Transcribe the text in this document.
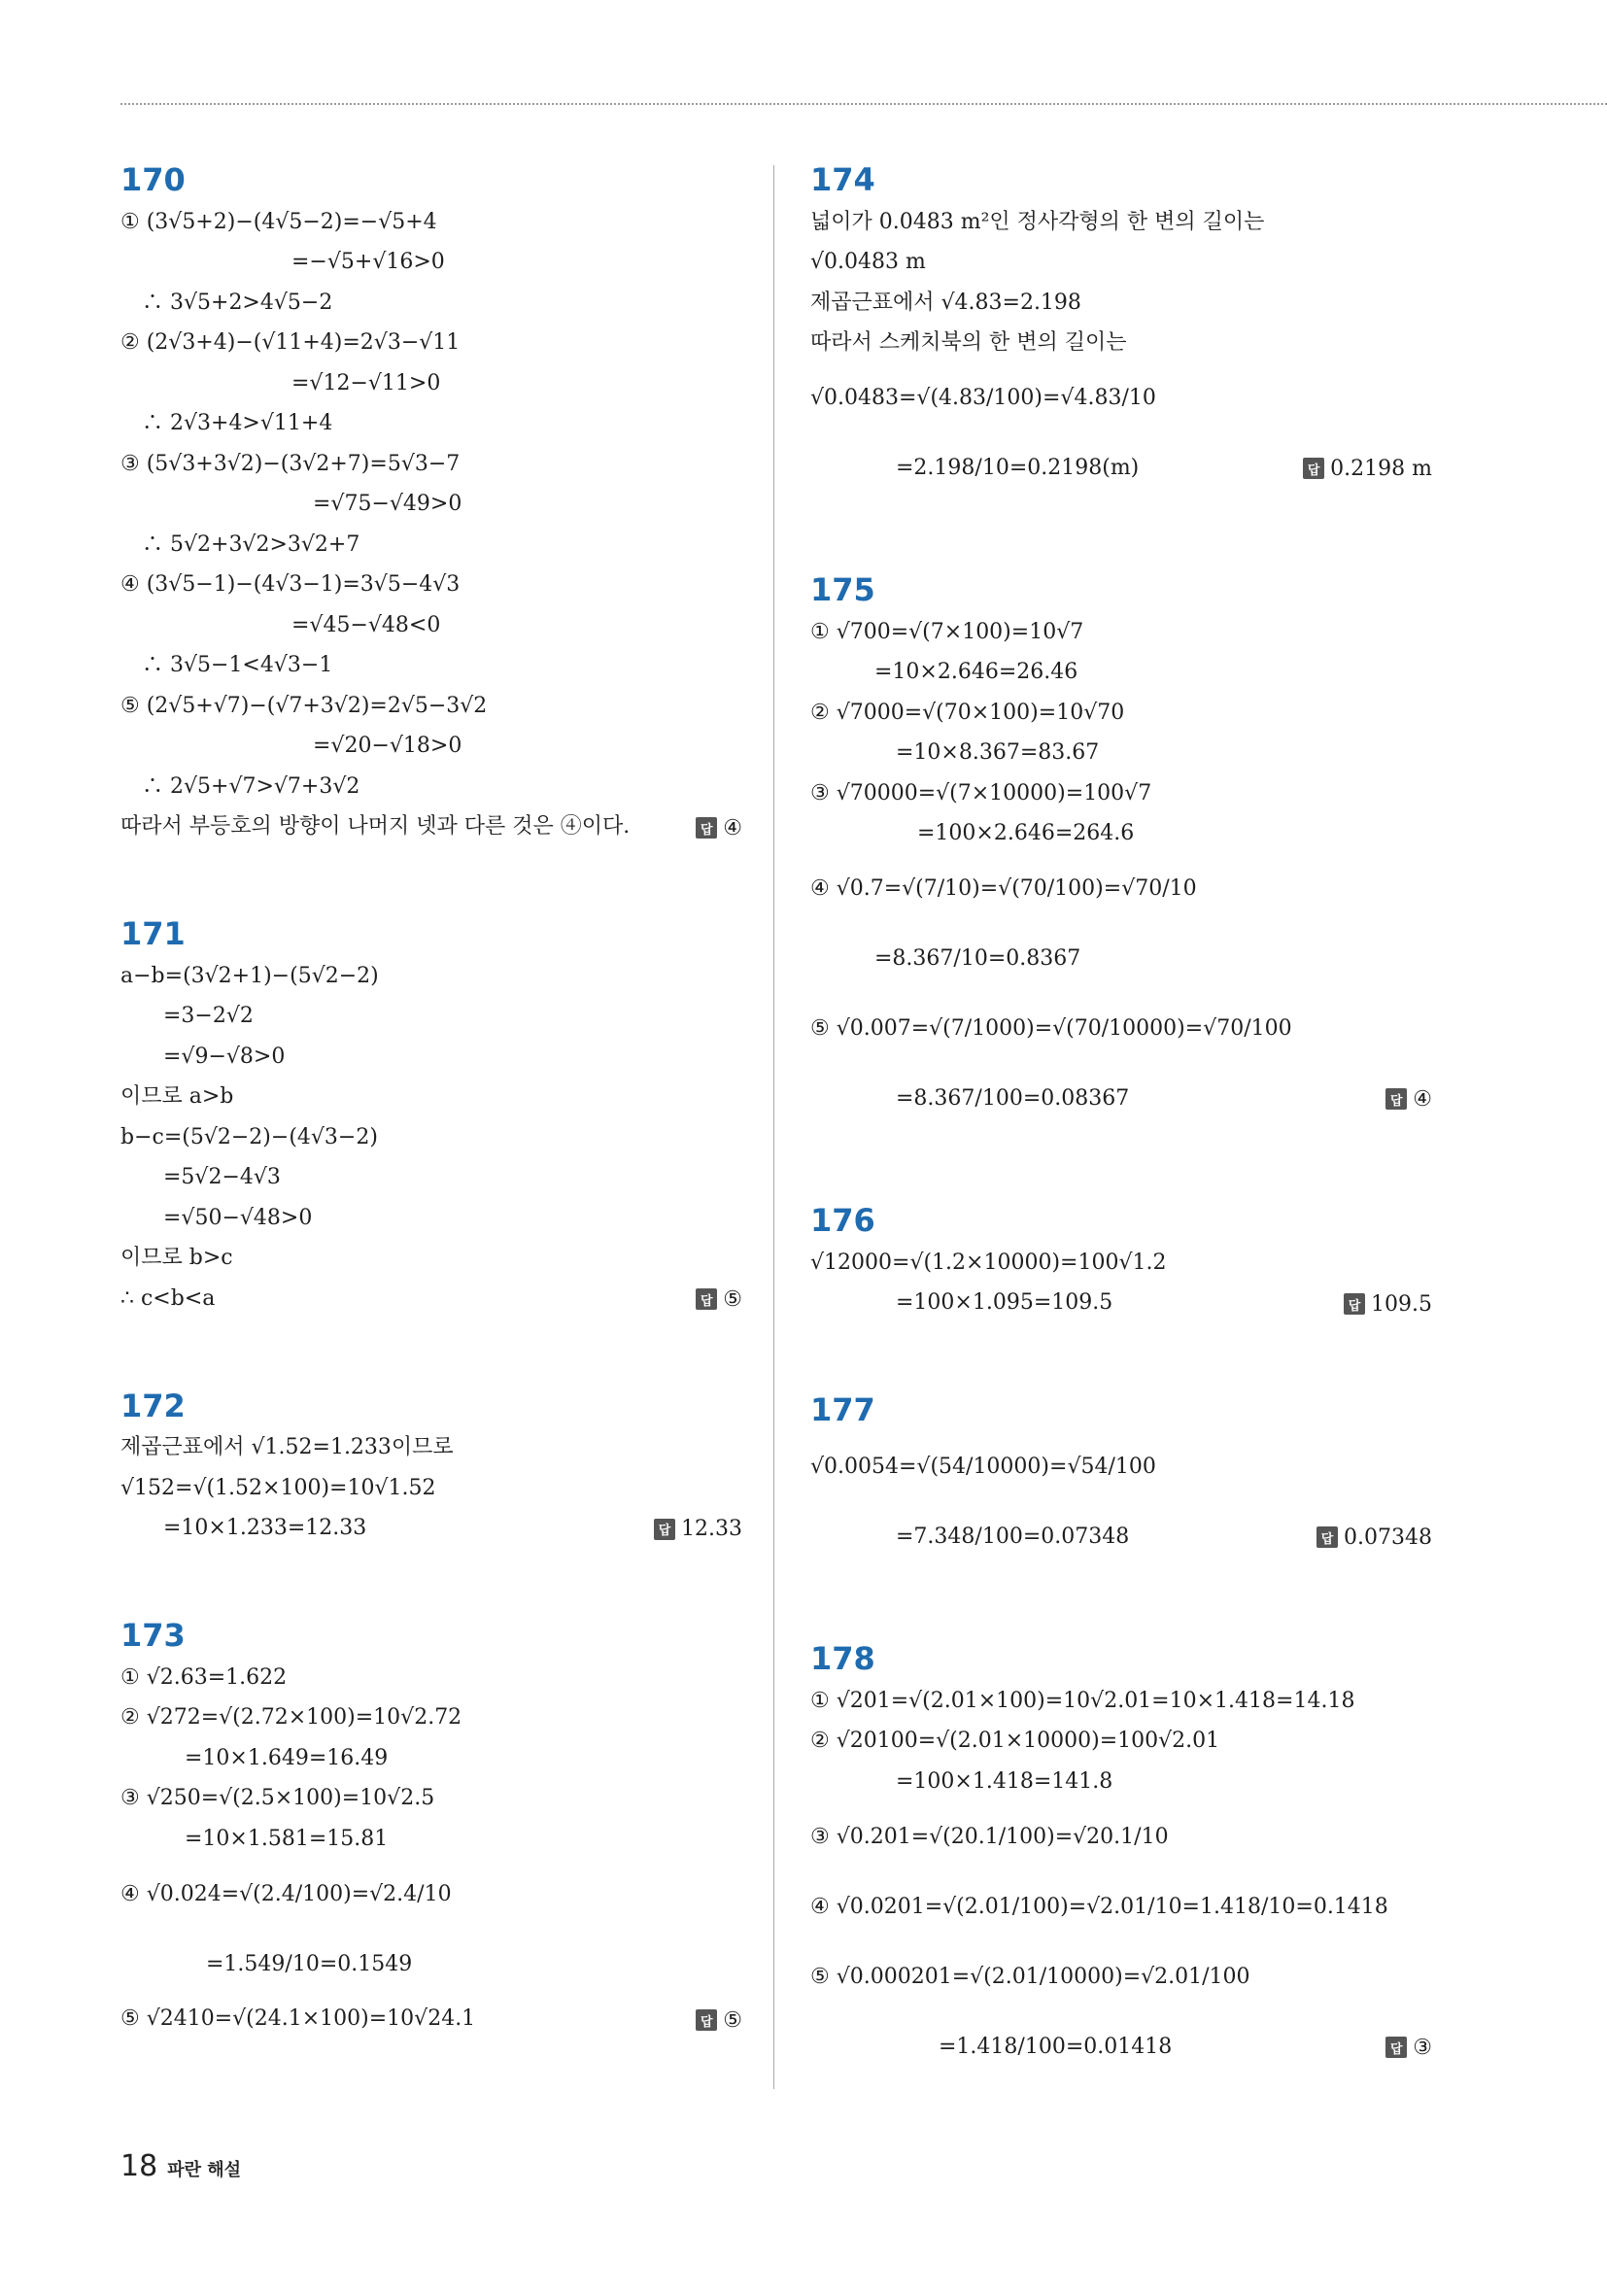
170
① (3√5+2)−(4√5−2)=−√5+4
　　　　　　　　=−√5+√16>0
　∴ 3√5+2>4√5−2
② (2√3+4)−(√11+4)=2√3−√11
　　　　　　　　=√12−√11>0
　∴ 2√3+4>√11+4
③ (5√3+3√2)−(3√2+7)=5√3−7
　　　　　　　　　=√75−√49>0
　∴ 5√2+3√2>3√2+7
④ (3√5−1)−(4√3−1)=3√5−4√3
　　　　　　　　=√45−√48<0
　∴ 3√5−1<4√3−1
⑤ (2√5+√7)−(√7+3√2)=2√5−3√2
　　　　　　　　　=√20−√18>0
　∴ 2√5+√7>√7+3√2
따라서 부등호의 방향이 나머지 넷과 다른 것은 ④이다.	답 ④
171
a−b=(3√2+1)−(5√2−2)
　　=3−2√2
　　=√9−√8>0
이므로 a>b
b−c=(5√2−2)−(4√3−2)
　　=5√2−4√3
　　=√50−√48>0
이므로 b>c
∴ c<b<a	답 ⑤
172
제곱근표에서 √1.52=1.233이므로
√152=√(1.52×100)=10√1.52
　　=10×1.233=12.33	답 12.33
173
① √2.63=1.622
② √272=√(2.72×100)=10√2.72
　　　=10×1.649=16.49
③ √250=√(2.5×100)=10√2.5
　　　=10×1.581=15.81
④ √0.024=√(2.4/100)=√2.4/10
　　　　=1.549/10=0.1549
⑤ √2410=√(24.1×100)=10√24.1	답 ⑤
174
넓이가 0.0483 m²인 정사각형의 한 변의 길이는
√0.0483 m
제곱근표에서 √4.83=2.198
따라서 스케치북의 한 변의 길이는
√0.0483=√(4.83/100)=√4.83/10
　　　　=2.198/10=0.2198(m)	답 0.2198 m
175
① √700=√(7×100)=10√7
　　　=10×2.646=26.46
② √7000=√(70×100)=10√70
　　　　=10×8.367=83.67
③ √70000=√(7×10000)=100√7
　　　　　=100×2.646=264.6
④ √0.7=√(7/10)=√(70/100)=√70/10
　　　=8.367/10=0.8367
⑤ √0.007=√(7/1000)=√(70/10000)=√70/100
　　　　=8.367/100=0.08367	답 ④
176
√12000=√(1.2×10000)=100√1.2
　　　　=100×1.095=109.5	답 109.5
177
√0.0054=√(54/10000)=√54/100
　　　　=7.348/100=0.07348	답 0.07348
178
① √201=√(2.01×100)=10√2.01=10×1.418=14.18
② √20100=√(2.01×10000)=100√2.01
　　　　=100×1.418=141.8
③ √0.201=√(20.1/100)=√20.1/10
④ √0.0201=√(2.01/100)=√2.01/10=1.418/10=0.1418
⑤ √0.000201=√(2.01/10000)=√2.01/100
　　　　　　=1.418/100=0.01418	답 ③
18 파란 해설
